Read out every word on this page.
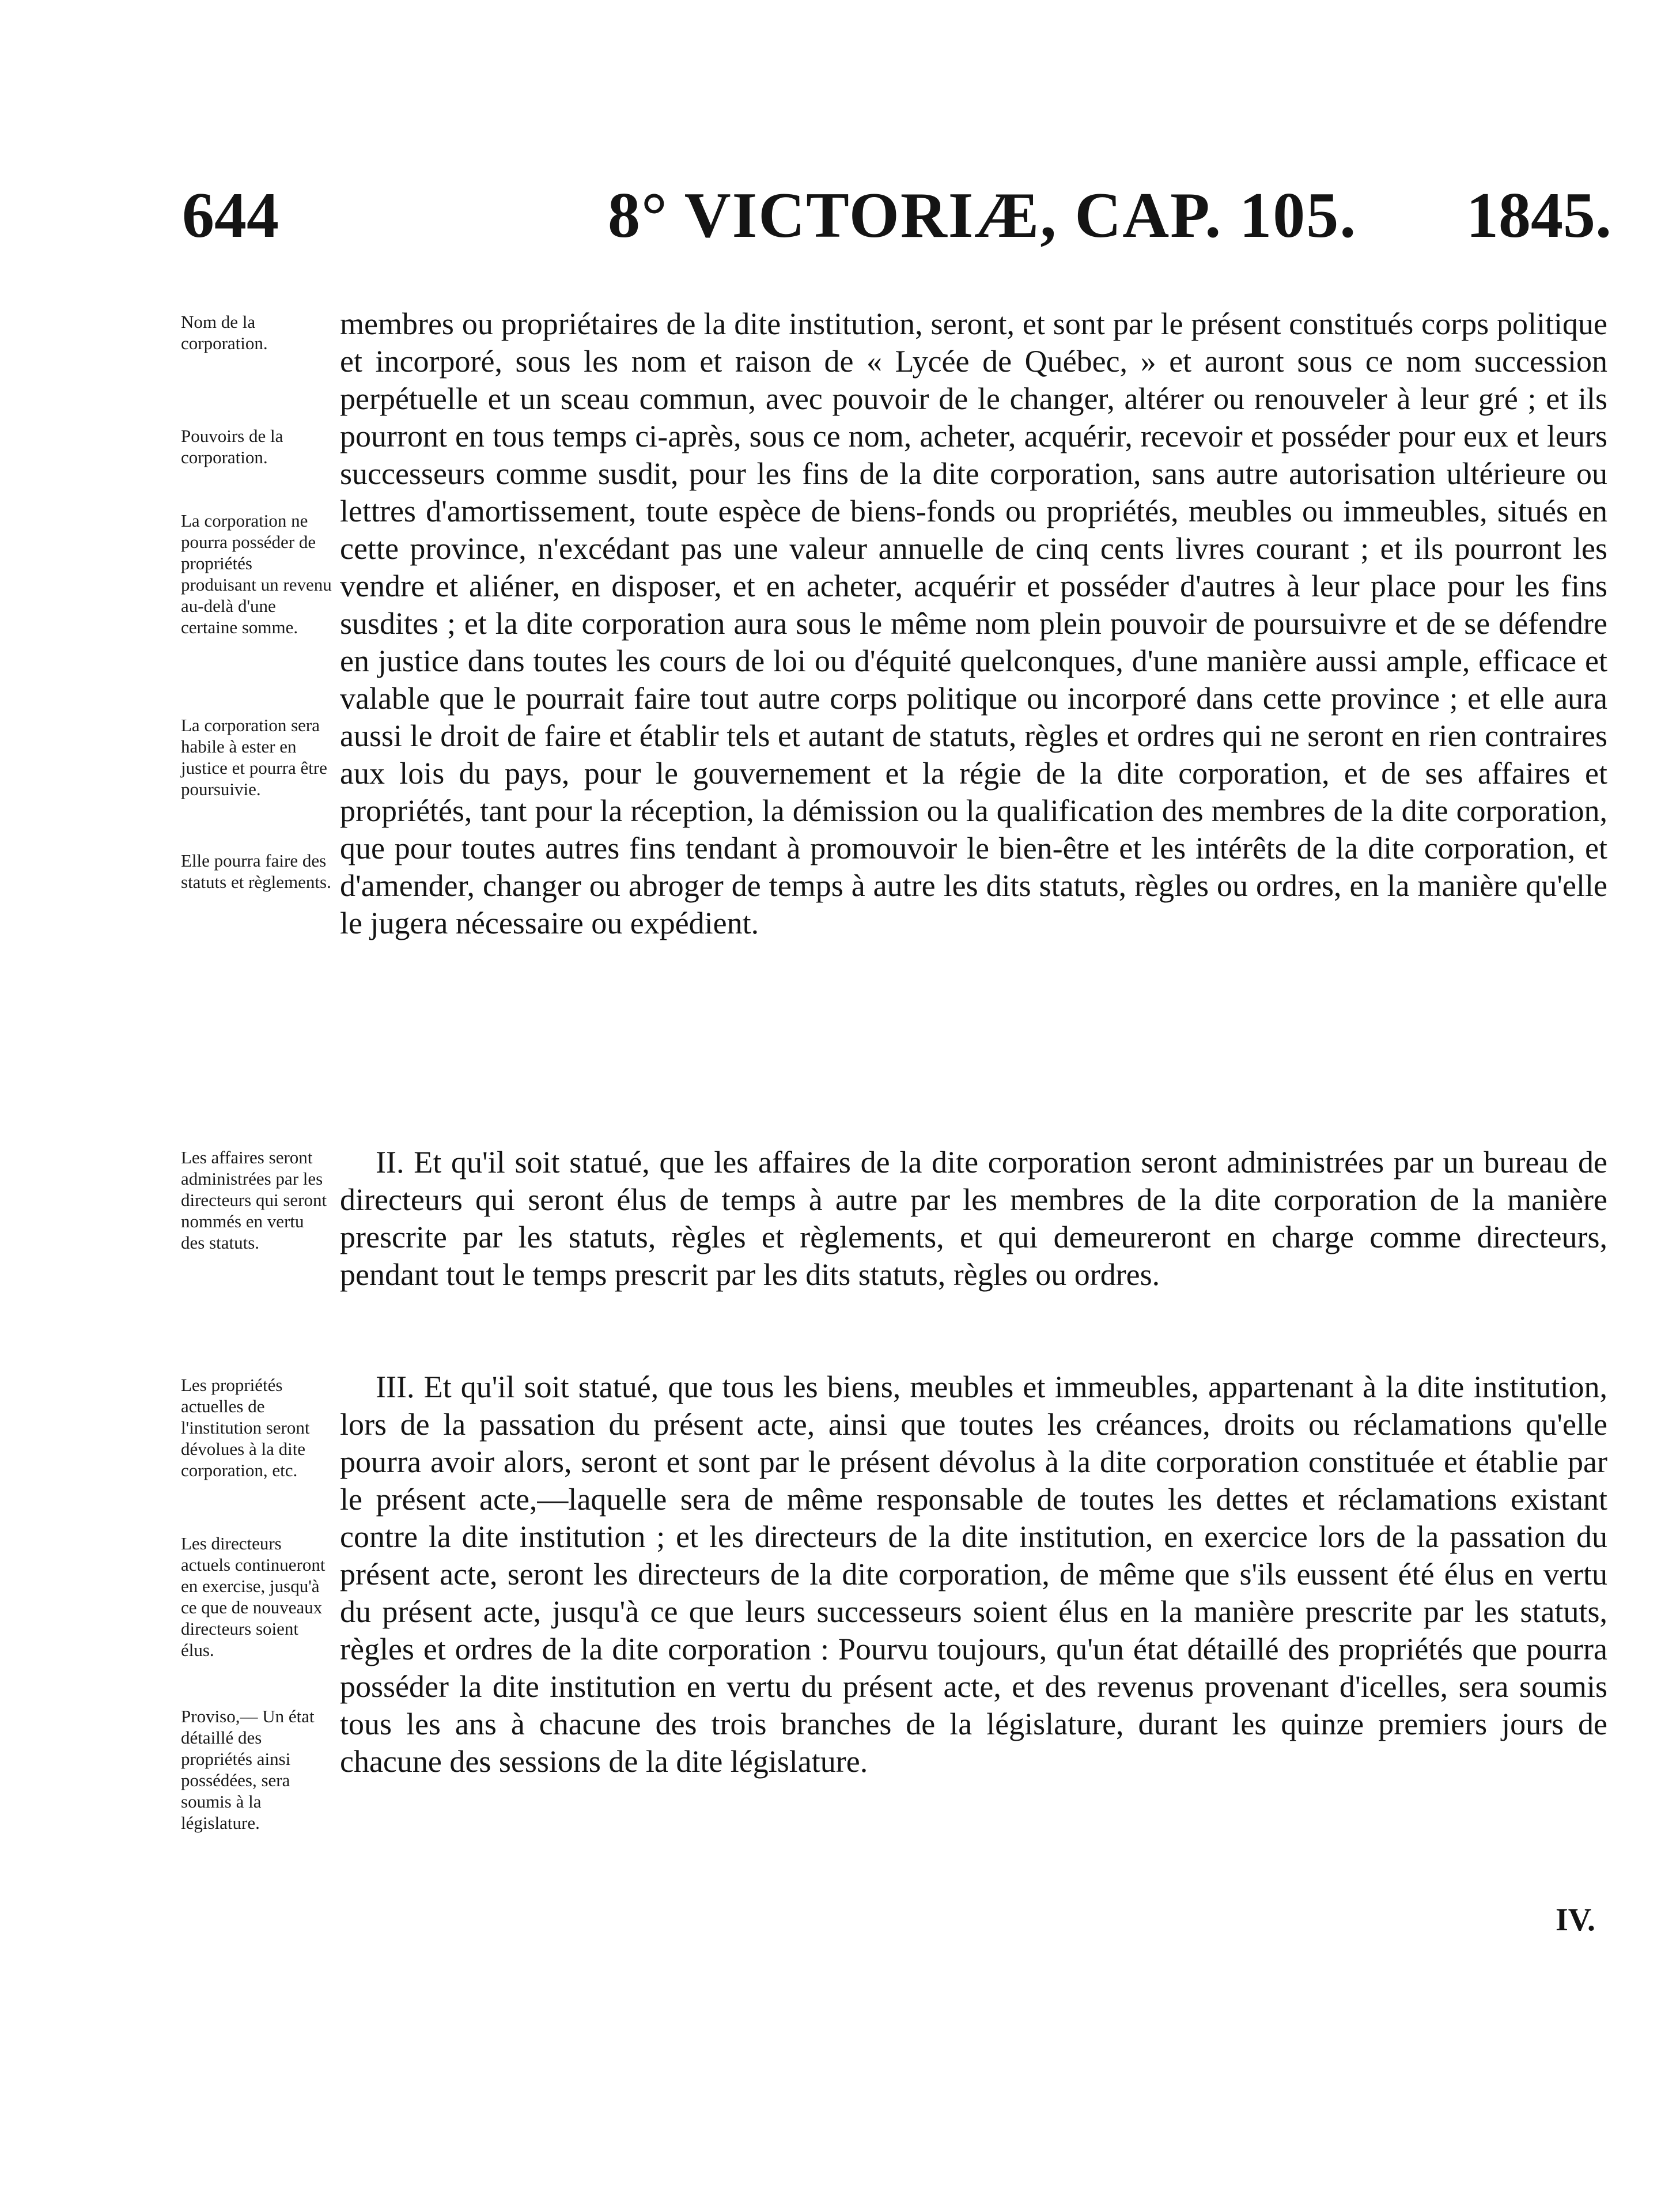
644	8° VICTORIÆ, CAP. 105. 1845.
Nom de la corporation.
Pouvoirs de la corporation.
La corporation ne pourra posséder de propriétés produisant un revenu au-delà d'une certaine somme.
La corporation sera habile à ester en justice et pourra être poursuivie.
Elle pourra faire des statuts et règlements.
Les affaires seront administrées par les directeurs qui seront nommés en vertu des statuts.
Les propriétés actuelles de l'institution seront dévolues à la dite corporation, etc.
Les directeurs actuels continueront en exercise, jusqu'à ce que de nouveaux directeurs soient élus.
Proviso,— Un état détaillé des propriétés ainsi possédées, sera soumis à la législature.

membres ou propriétaires de la dite institution, seront, et sont par le présent constitués corps politique et incorporé, sous les nom et raison de « Lycée de Québec, » et auront sous ce nom succession perpétuelle et un sceau commun, avec pouvoir de le changer, altérer ou renouveler à leur gré ; et ils pourront en tous temps ci-après, sous ce nom, acheter, acquérir, recevoir et posséder pour eux et leurs successeurs comme susdit, pour les fins de la dite corporation, sans autre autorisation ultérieure ou lettres d'amortissement, toute espèce de biens-fonds ou propriétés, meubles ou immeubles, situés en cette province, n'excédant pas une valeur annuelle de cinq cents livres courant ; et ils pourront les vendre et aliéner, en disposer, et en acheter, acquérir et posséder d'autres à leur place pour les fins susdites ; et la dite corporation aura sous le même nom plein pouvoir de poursuivre et de se défendre en justice dans toutes les cours de loi ou d'équité quelconques, d'une manière aussi ample, efficace et valable que le pourrait faire tout autre corps politique ou incorporé dans cette province ; et elle aura aussi le droit de faire et établir tels et autant de statuts, règles et ordres qui ne seront en rien contraires aux lois du pays, pour le gouvernement et la régie de la dite corporation, et de ses affaires et propriétés, tant pour la réception, la démission ou la qualification des membres de la dite corporation, que pour toutes autres fins tendant à promouvoir le bien-être et les intérêts de la dite corporation, et d'amender, changer ou abroger de temps à autre les dits statuts, règles ou ordres, en la manière qu'elle le jugera nécessaire ou expédient.

II. Et qu'il soit statué, que les affaires de la dite corporation seront administrées par un bureau de directeurs qui seront élus de temps à autre par les membres de la dite corporation de la manière prescrite par les statuts, règles et règlements, et qui demeureront en charge comme directeurs, pendant tout le temps prescrit par les dits statuts, règles ou ordres.

III. Et qu'il soit statué, que tous les biens, meubles et immeubles, appartenant à la dite institution, lors de la passation du présent acte, ainsi que toutes les créances, droits ou réclamations qu'elle pourra avoir alors, seront et sont par le présent dévolus à la dite corporation constituée et établie par le présent acte,—laquelle sera de même responsable de toutes les dettes et réclamations existant contre la dite institution ; et les directeurs de la dite institution, en exercice lors de la passation du présent acte, seront les directeurs de la dite corporation, de même que s'ils eussent été élus en vertu du présent acte, jusqu'à ce que leurs successeurs soient élus en la manière prescrite par les statuts, règles et ordres de la dite corporation : Pourvu toujours, qu'un état détaillé des propriétés que pourra posséder la dite institution en vertu du présent acte, et des revenus provenant d'icelles, sera soumis tous les ans à chacune des trois branches de la législature, durant les quinze premiers jours de chacune des sessions de la dite législature.

IV.
